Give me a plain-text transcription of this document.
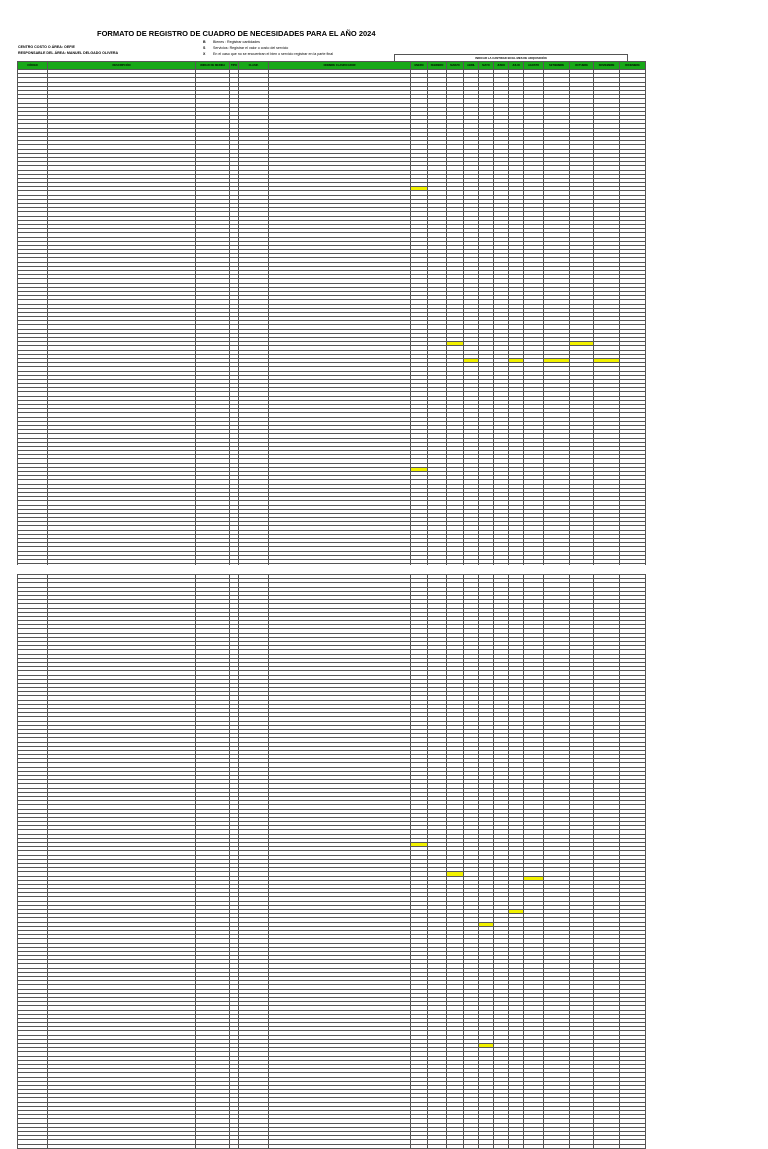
FORMATO DE REGISTRO DE CUADRO DE NECESIDADES PARA EL AÑO 2024
CENTRO COSTO O ÁREA: OEFIE
RESPONSABLE DEL ÁREA: MANUEL DELGADO OLIVERA
B Bienes : Registrar cantidades
S Servicios: Registrar el valor o costo del servicio
X En el caso que no se encuentran el bien o servicio registrar en la parte final
INDICAR LA CANTIDAD EN EL MES DE ADQUISICIÓN
CÓDIGO	DESCRIPCIÓN	UNIDAD DE MEDIDA	TIPO	CLASIF.	NOMBRE CLASIFICADOR	ENERO	FEBRERO	MARZO	ABRIL	MAYO	JUNIO	JULIO	AGOSTO	SETIEMBRE	OCTUBRE	NOVIEMBRE	DICIEMBRE
